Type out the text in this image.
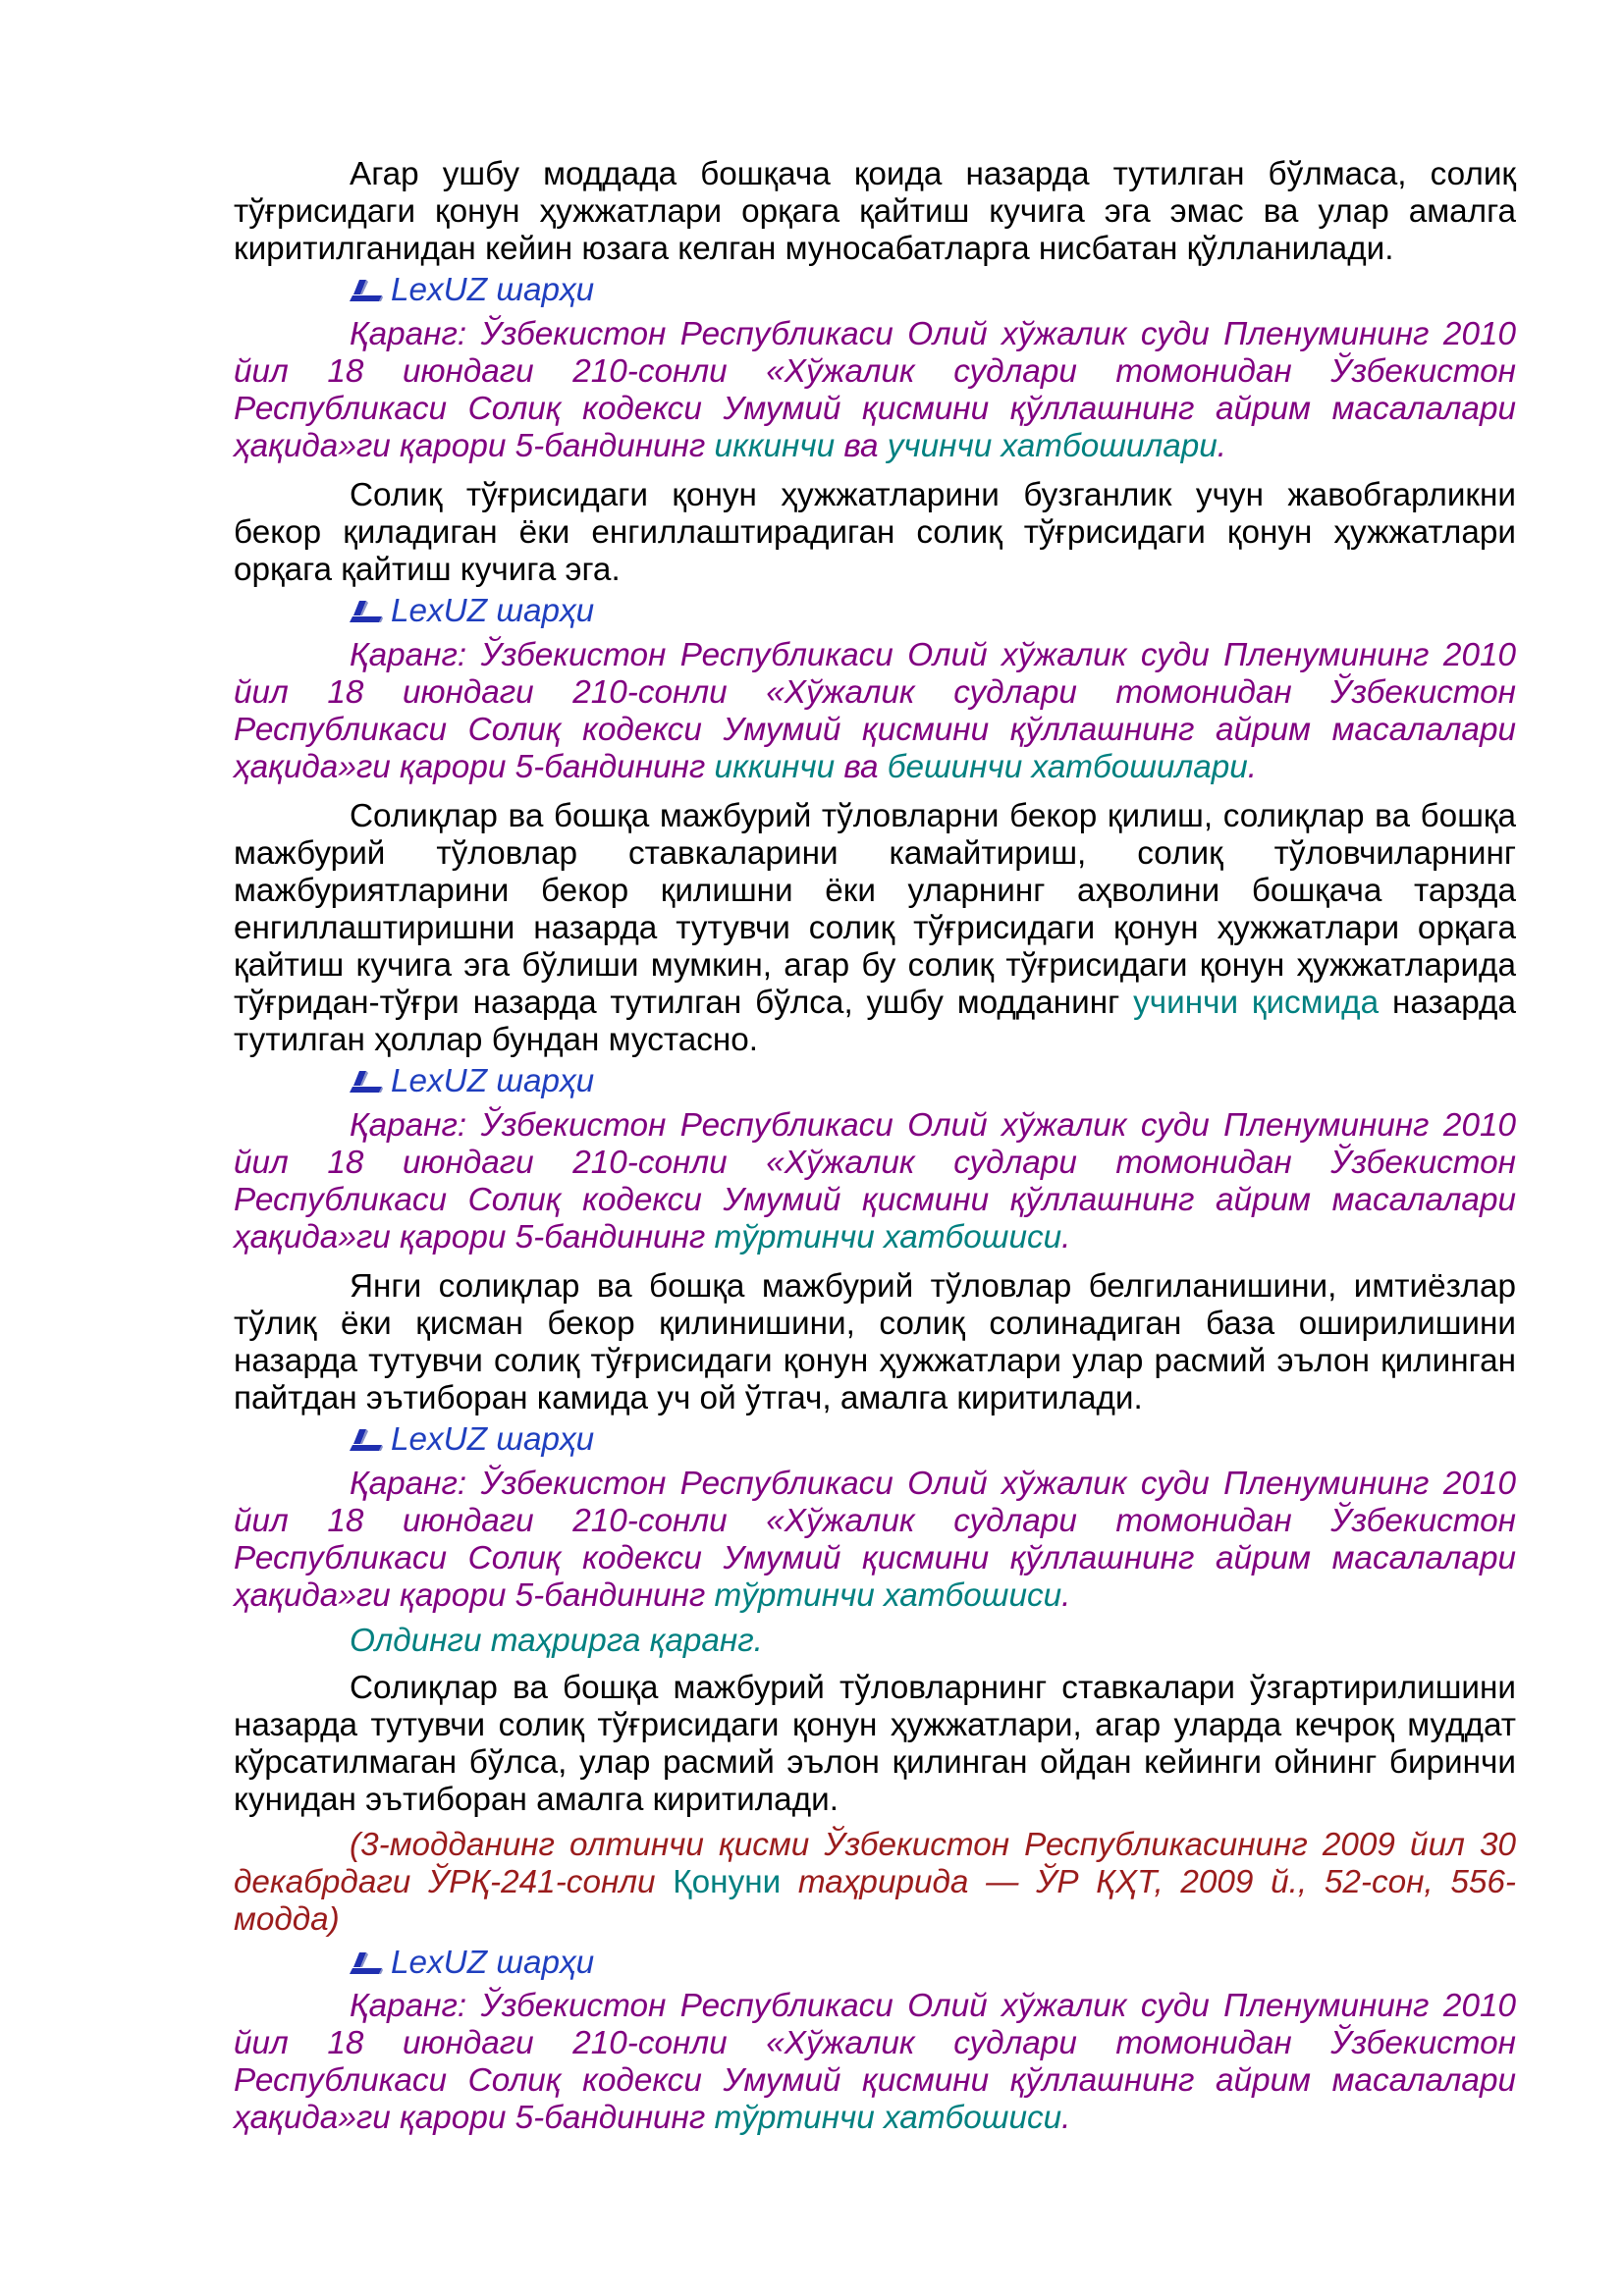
Агар ушбу моддада бошқача қоида назарда тутилган бўлмаса, солиқ тўғрисидаги қонун ҳужжатлари орқага қайтиш кучига эга эмас ва улар амалга киритилганидан кейин юзага келган муносабатларга нисбатан қўлланилади.

LexUZ шарҳи

Қаранг: Ўзбекистон Республикаси Олий хўжалик суди Пленумининг 2010 йил 18 июндаги 210-сонли «Хўжалик судлари томонидан Ўзбекистон Республикаси Солиқ кодекси Умумий қисмини қўллашнинг айрим масалалари ҳақида»ги қарори 5-бандининг иккинчи ва учинчи хатбошилари.

Солиқ тўғрисидаги қонун ҳужжатларини бузганлик учун жавобгарликни бекор қиладиган ёки енгиллаштирадиган солиқ тўғрисидаги қонун ҳужжатлари орқага қайтиш кучига эга.

LexUZ шарҳи

Қаранг: Ўзбекистон Республикаси Олий хўжалик суди Пленумининг 2010 йил 18 июндаги 210-сонли «Хўжалик судлари томонидан Ўзбекистон Республикаси Солиқ кодекси Умумий қисмини қўллашнинг айрим масалалари ҳақида»ги қарори 5-бандининг иккинчи ва бешинчи хатбошилари.

Солиқлар ва бошқа мажбурий тўловларни бекор қилиш, солиқлар ва бошқа мажбурий тўловлар ставкаларини камайтириш, солиқ тўловчиларнинг мажбуриятларини бекор қилишни ёки уларнинг аҳволини бошқача тарзда енгиллаштиришни назарда тутувчи солиқ тўғрисидаги қонун ҳужжатлари орқага қайтиш кучига эга бўлиши мумкин, агар бу солиқ тўғрисидаги қонун ҳужжатларида тўғридан-тўғри назарда тутилган бўлса, ушбу модданинг учинчи қисмида назарда тутилган ҳоллар бундан мустасно.

LexUZ шарҳи

Қаранг: Ўзбекистон Республикаси Олий хўжалик суди Пленумининг 2010 йил 18 июндаги 210-сонли «Хўжалик судлари томонидан Ўзбекистон Республикаси Солиқ кодекси Умумий қисмини қўллашнинг айрим масалалари ҳақида»ги қарори 5-бандининг тўртинчи хатбошиси.

Янги солиқлар ва бошқа мажбурий тўловлар белгиланишини, имтиёзлар тўлиқ ёки қисман бекор қилинишини, солиқ солинадиган база оширилишини назарда тутувчи солиқ тўғрисидаги қонун ҳужжатлари улар расмий эълон қилинган пайтдан эътиборан камида уч ой ўтгач, амалга киритилади.

LexUZ шарҳи

Қаранг: Ўзбекистон Республикаси Олий хўжалик суди Пленумининг 2010 йил 18 июндаги 210-сонли «Хўжалик судлари томонидан Ўзбекистон Республикаси Солиқ кодекси Умумий қисмини қўллашнинг айрим масалалари ҳақида»ги қарори 5-бандининг тўртинчи хатбошиси.

Олдинги таҳрирга қаранг.

Солиқлар ва бошқа мажбурий тўловларнинг ставкалари ўзгартирилишини назарда тутувчи солиқ тўғрисидаги қонун ҳужжатлари, агар уларда кечроқ муддат кўрсатилмаган бўлса, улар расмий эълон қилинган ойдан кейинги ойнинг биринчи кунидан эътиборан амалга киритилади.

(3-модданинг олтинчи қисми Ўзбекистон Республикасининг 2009 йил 30 декабрдаги ЎРҚ-241-сонли Қонуни таҳририда — ЎР ҚҲТ, 2009 й., 52-сон, 556-модда)

LexUZ шарҳи

Қаранг: Ўзбекистон Республикаси Олий хўжалик суди Пленумининг 2010 йил 18 июндаги 210-сонли «Хўжалик судлари томонидан Ўзбекистон Республикаси Солиқ кодекси Умумий қисмини қўллашнинг айрим масалалари ҳақида»ги қарори 5-бандининг тўртинчи хатбошиси.
